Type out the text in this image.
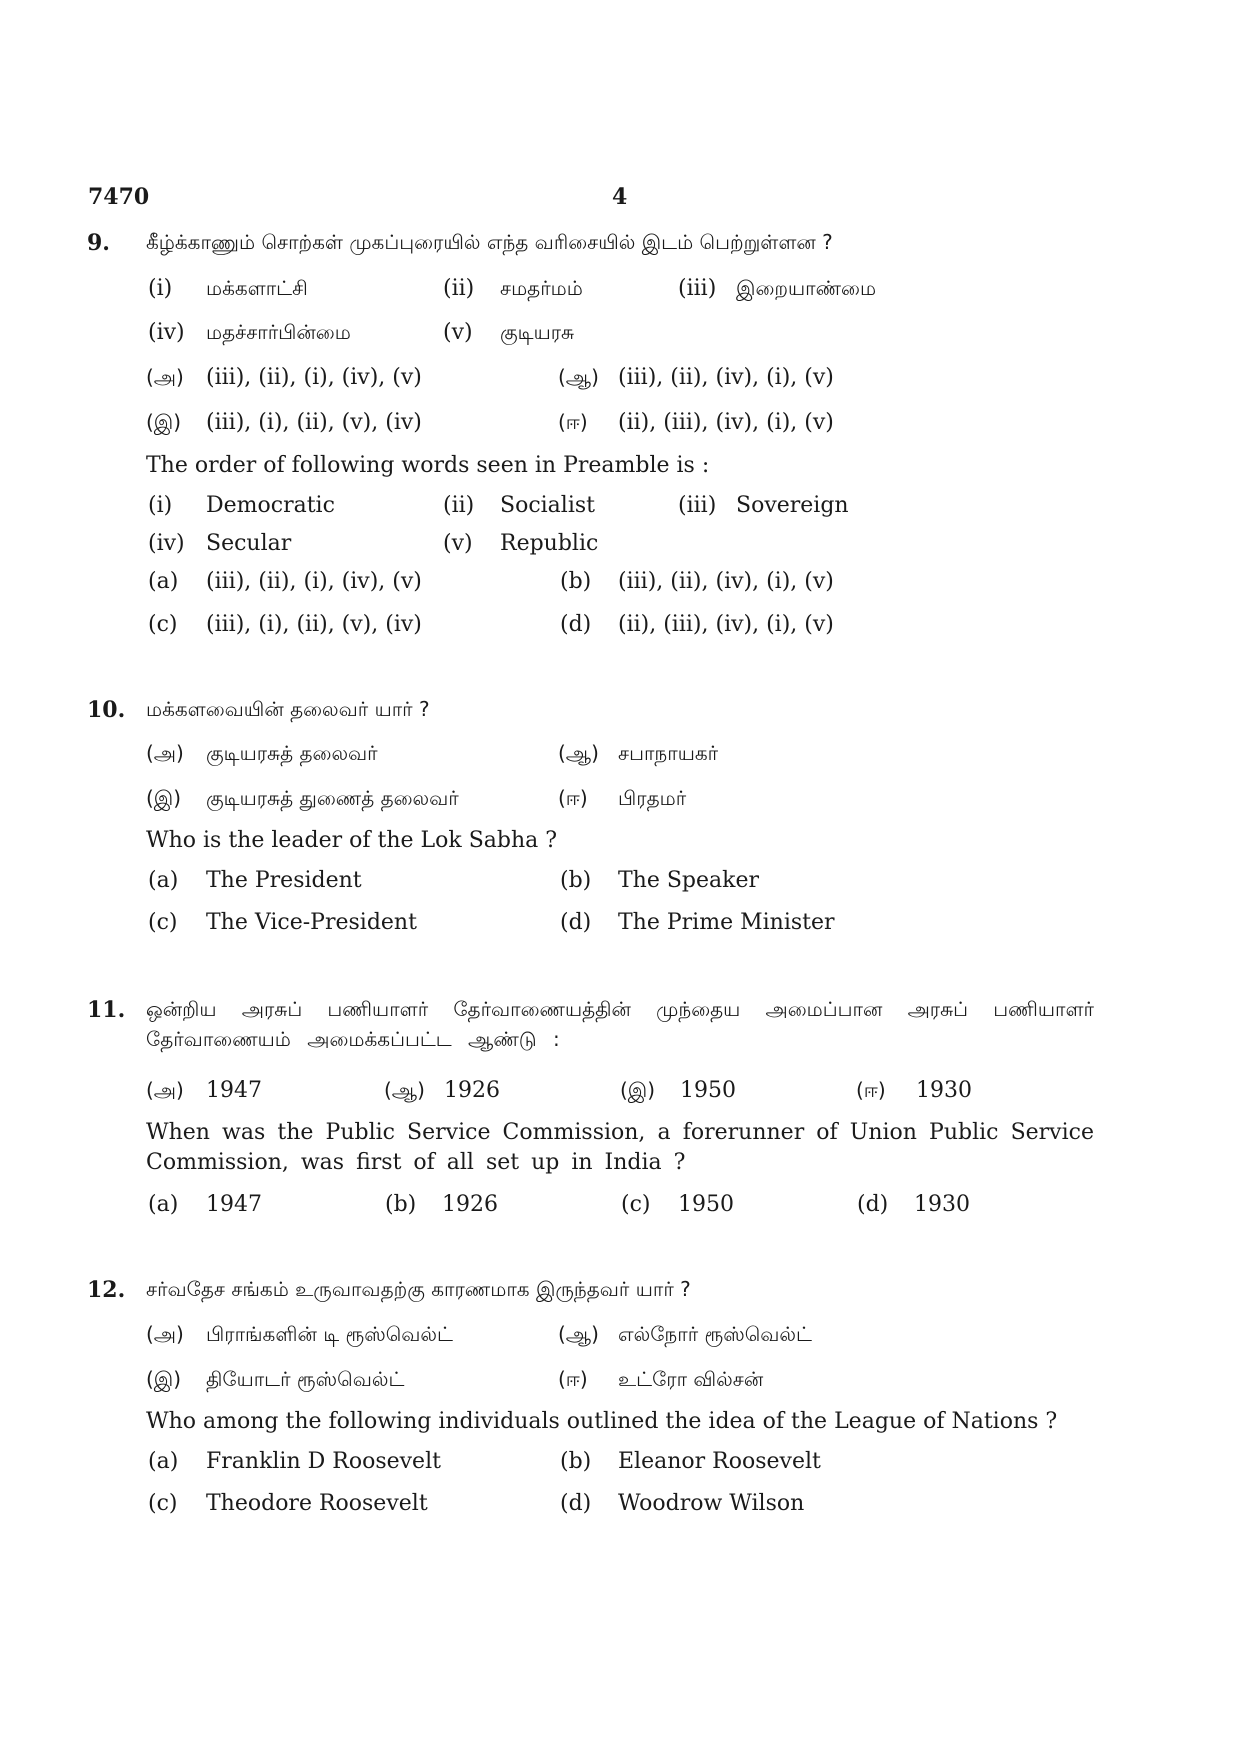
7470	4
9. கீழ்க்காணும் சொற்கள் முகப்புரையில் எந்த வரிசையில் இடம் பெற்றுள்ளன ?
(i) மக்களாட்சி	(ii) சமதர்மம்	(iii) இறையாண்மை
(iv) மதச்சார்பின்மை	(v) குடியரசு
(அ) (iii), (ii), (i), (iv), (v)	(ஆ) (iii), (ii), (iv), (i), (v)
(இ) (iii), (i), (ii), (v), (iv)	(ஈ) (ii), (iii), (iv), (i), (v)
The order of following words seen in Preamble is :
(i) Democratic	(ii) Socialist	(iii) Sovereign
(iv) Secular	(v) Republic
(a) (iii), (ii), (i), (iv), (v)	(b) (iii), (ii), (iv), (i), (v)
(c) (iii), (i), (ii), (v), (iv)	(d) (ii), (iii), (iv), (i), (v)
10. மக்களவையின் தலைவர் யார் ?
(அ) குடியரசுத் தலைவர்	(ஆ) சபாநாயகர்
(இ) குடியரசுத் துணைத் தலைவர்	(ஈ) பிரதமர்
Who is the leader of the Lok Sabha ?
(a) The President	(b) The Speaker
(c) The Vice-President	(d) The Prime Minister
11. ஒன்றிய அரசுப் பணியாளர் தேர்வாணையத்தின் முந்தைய அமைப்பான அரசுப் பணியாளர் தேர்வாணையம் அமைக்கப்பட்ட ஆண்டு :
(அ) 1947	(ஆ) 1926	(இ) 1950	(ஈ) 1930
When was the Public Service Commission, a forerunner of Union Public Service Commission, was first of all set up in India ?
(a) 1947	(b) 1926	(c) 1950	(d) 1930
12. சர்வதேச சங்கம் உருவாவதற்கு காரணமாக இருந்தவர் யார் ?
(அ) பிராங்களின் டி ரூஸ்வெல்ட்	(ஆ) எல்நோர் ரூஸ்வெல்ட்
(இ) தியோடர் ரூஸ்வெல்ட்	(ஈ) உட்ரோ வில்சன்
Who among the following individuals outlined the idea of the League of Nations ?
(a) Franklin D Roosevelt	(b) Eleanor Roosevelt
(c) Theodore Roosevelt	(d) Woodrow Wilson
